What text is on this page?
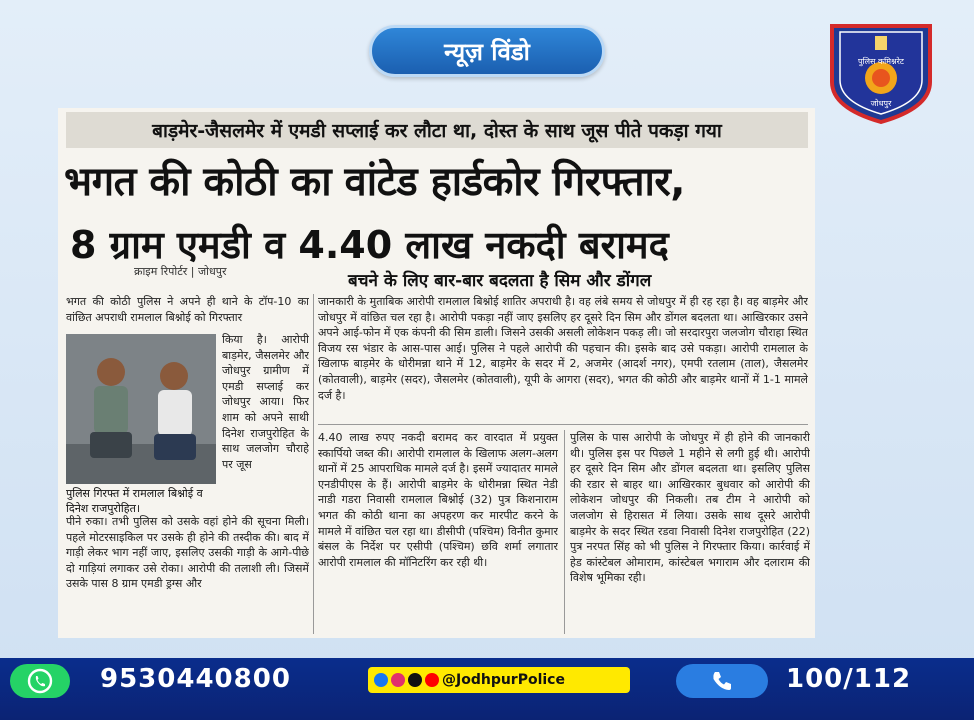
न्यूज़ विंडो	पुलिस कमिश्नरेट
जोधपुर
बाड़मेर-जैसलमेर में एमडी सप्लाई कर लौटा था, दोस्त के साथ जूस पीते पकड़ा गया
भगत की कोठी का वांटेड हार्डकोर गिरफ्तार,
8 ग्राम एमडी व 4.40 लाख नकदी बरामद
क्राइम रिपोर्टर | जोधपुर	बचने के लिए बार-बार बदलता है सिम और डोंगल
भगत की कोठी पुलिस ने अपने ही थाने के टॉप-10 का वांछित अपराधी रामलाल बिश्नोई को गिरफ्तार
किया है। आरोपी बाड़मेर, जैसलमेर और जोधपुर ग्रामीण में एमडी सप्लाई कर जोधपुर आया। फिर शाम को अपने साथी दिनेश राजपुरोहित के साथ जलजोग चौराहे पर जूस
पुलिस गिरफ्त में रामलाल बिश्नोई व दिनेश राजपुरोहित।
पीने रुका। तभी पुलिस को उसके वहां होने की सूचना मिली। पहले मोटरसाइकिल पर उसके ही होने की तस्दीक की। बाद में गाड़ी लेकर भाग नहीं जाए, इसलिए उसकी गाड़ी के आगे-पीछे दो गाड़ियां लगाकर उसे रोका। आरोपी की तलाशी ली। जिसमें उसके पास 8 ग्राम एमडी ड्रग्स और
जानकारी के मुताबिक आरोपी रामलाल बिश्नोई शातिर अपराधी है। वह लंबे समय से जोधपुर में ही रह रहा है। वह बाड़मेर और जोधपुर में वांछित चल रहा है। आरोपी पकड़ा नहीं जाए इसलिए हर दूसरे दिन सिम और डोंगल बदलता था। आखिरकार उसने अपने आई-फोन में एक कंपनी की सिम डाली। जिसने उसकी असली लोकेशन पकड़ ली। जो सरदारपुरा जलजोग चौराहा स्थित विजय रस भंडार के आस-पास आई। पुलिस ने पहले आरोपी की पहचान की। इसके बाद उसे पकड़ा। आरोपी रामलाल के खिलाफ बाड़मेर के धोरीमन्ना थाने में 12, बाड़मेर के सदर में 2, अजमेर (आदर्श नगर), एमपी रतलाम (ताल), जैसलमेर (कोतवाली), बाड़मेर (सदर), जैसलमेर (कोतवाली), यूपी के आगरा (सदर), भगत की कोठी और बाड़मेर थानों में 1-1 मामले दर्ज है।
4.40 लाख रुपए नकदी बरामद कर वारदात में प्रयुक्त स्कार्पियो जब्त की। आरोपी रामलाल के खिलाफ अलग-अलग थानों में 25 आपराधिक मामले दर्ज है। इसमें ज्यादातर मामले एनडीपीएस के हैं। आरोपी बाड़मेर के धोरीमन्ना स्थित नेडी नाडी गडरा निवासी रामलाल बिश्नोई (32) पुत्र किशनाराम भगत की कोठी थाना का अपहरण कर मारपीट करने के मामले में वांछित चल रहा था। डीसीपी (पश्चिम) विनीत कुमार बंसल के निर्देश पर एसीपी (पश्चिम) छवि शर्मा लगातार आरोपी रामलाल की मॉनिटरिंग कर रही थी।
पुलिस के पास आरोपी के जोधपुर में ही होने की जानकारी थी। पुलिस इस पर पिछले 1 महीने से लगी हुई थी। आरोपी हर दूसरे दिन सिम और डोंगल बदलता था। इसलिए पुलिस की रडार से बाहर था। आखिरकार बुधवार को आरोपी की लोकेशन जोधपुर की निकली। तब टीम ने आरोपी को जलजोग से हिरासत में लिया। उसके साथ दूसरे आरोपी बाड़मेर के सदर स्थित रडवा निवासी दिनेश राजपुरोहित (22) पुत्र नरपत सिंह को भी पुलिस ने गिरफ्तार किया। कार्रवाई में हेड कांस्टेबल ओमाराम, कांस्टेबल भगाराम और दलाराम की विशेष भूमिका रही।
9530440800	@JodhpurPolice	100/112
